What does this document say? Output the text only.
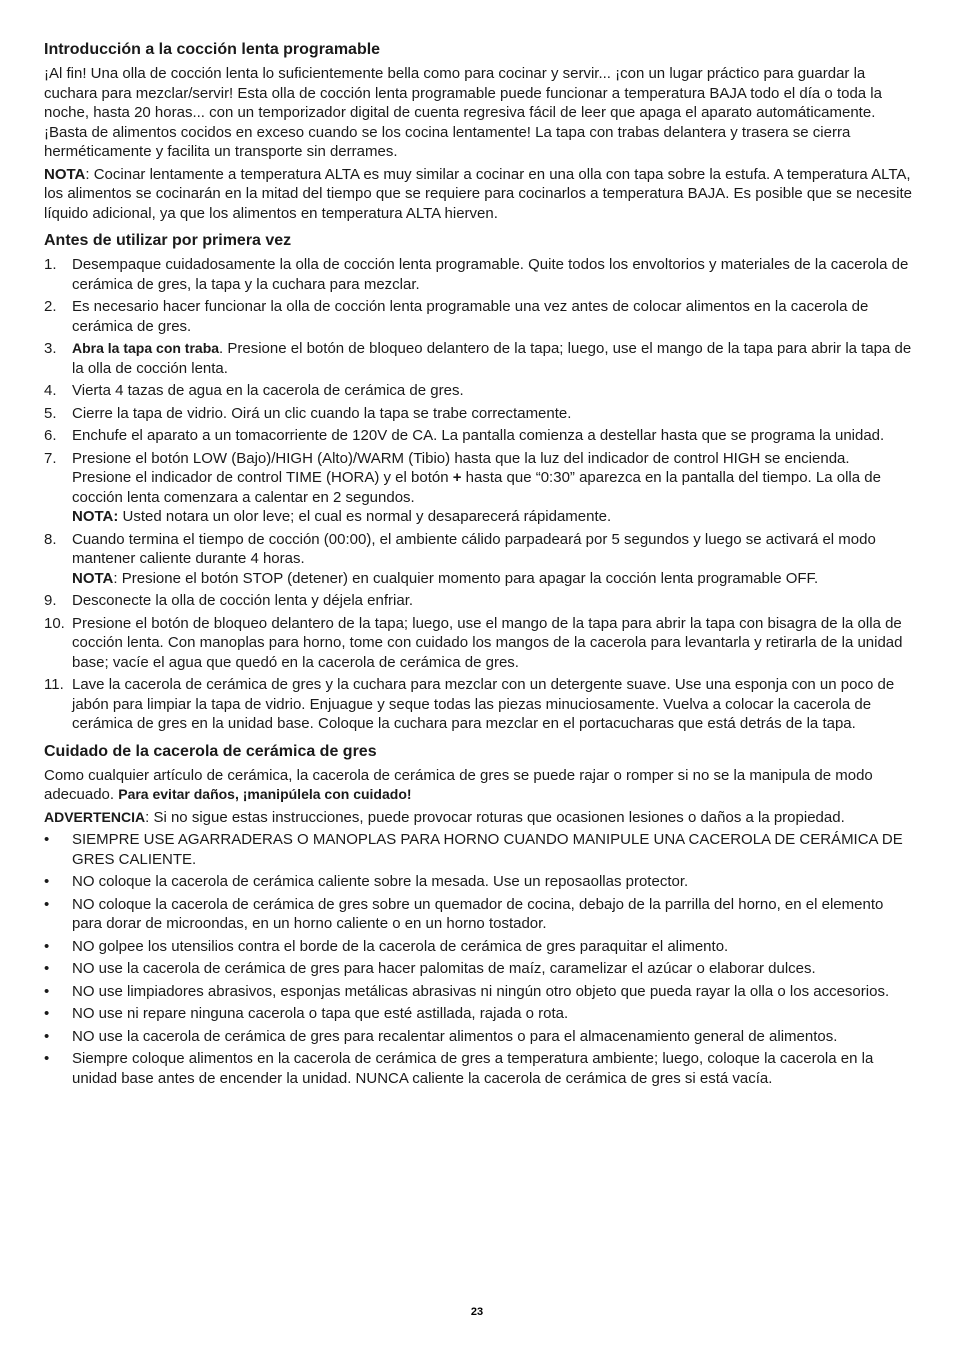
Introducción a la cocción lenta programable

¡Al fin! Una olla de cocción lenta lo suficientemente bella como para cocinar y servir... ¡con un lugar práctico para guardar la cuchara para mezclar/servir! Esta olla de cocción lenta programable puede funcionar a temperatura BAJA todo el día o toda la noche, hasta 20 horas... con un temporizador digital de cuenta regresiva fácil de leer que apaga el aparato automáticamente. ¡Basta de alimentos cocidos en exceso cuando se los cocina lentamente! La tapa con trabas delantera y trasera se cierra herméticamente y facilita un transporte sin derrames.

NOTA: Cocinar lentamente a temperatura ALTA es muy similar a cocinar en una olla con tapa sobre la estufa. A temperatura ALTA, los alimentos se cocinarán en la mitad del tiempo que se requiere para cocinarlos a temperatura BAJA. Es posible que se necesite líquido adicional, ya que los alimentos en temperatura ALTA hierven.

Antes de utilizar por primera vez
1. Desempaque cuidadosamente la olla de cocción lenta programable. Quite todos los envoltorios y materiales de la cacerola de cerámica de gres, la tapa y la cuchara para mezclar.
2. Es necesario hacer funcionar la olla de cocción lenta programable una vez antes de colocar alimentos en la cacerola de cerámica de gres.
3. Abra la tapa con traba. Presione el botón de bloqueo delantero de la tapa; luego, use el mango de la tapa para abrir la tapa de la olla de cocción lenta.
4. Vierta 4 tazas de agua en la cacerola de cerámica de gres.
5. Cierre la tapa de vidrio. Oirá un clic cuando la tapa se trabe correctamente.
6. Enchufe el aparato a un tomacorriente de 120V de CA. La pantalla comienza a destellar hasta que se programa la unidad.
7. Presione el botón LOW (Bajo)/HIGH (Alto)/WARM (Tibio) hasta que la luz del indicador de control HIGH se encienda. Presione el indicador de control TIME (HORA) y el botón + hasta que “0:30” aparezca en la pantalla del tiempo. La olla de cocción lenta comenzara a calentar en 2 segundos.
NOTA: Usted notara un olor leve; el cual es normal y desaparecerá rápidamente.
8. Cuando termina el tiempo de cocción (00:00), el ambiente cálido parpadeará por 5 segundos y luego se activará el modo mantener caliente durante 4 horas.
NOTA: Presione el botón STOP (detener) en cualquier momento para apagar la cocción lenta programable OFF.
9. Desconecte la olla de cocción lenta y déjela enfriar.
10. Presione el botón de bloqueo delantero de la tapa; luego, use el mango de la tapa para abrir la tapa con bisagra de la olla de cocción lenta. Con manoplas para horno, tome con cuidado los mangos de la cacerola para levantarla y retirarla de la unidad base; vacíe el agua que quedó en la cacerola de cerámica de gres.
11. Lave la cacerola de cerámica de gres y la cuchara para mezclar con un detergente suave. Use una esponja con un poco de jabón para limpiar la tapa de vidrio. Enjuague y seque todas las piezas minuciosamente. Vuelva a colocar la cacerola de cerámica de gres en la unidad base. Coloque la cuchara para mezclar en el portacucharas que está detrás de la tapa.
Cuidado de la cacerola de cerámica de gres

Como cualquier artículo de cerámica, la cacerola de cerámica de gres se puede rajar o romper si no se la manipula de modo adecuado. Para evitar daños, ¡manipúlela con cuidado!

ADVERTENCIA: Si no sigue estas instrucciones, puede provocar roturas que ocasionen lesiones o daños a la propiedad.

• SIEMPRE USE AGARRADERAS O MANOPLAS PARA HORNO CUANDO MANIPULE UNA CACEROLA DE CERÁMICA DE GRES CALIENTE.
• NO coloque la cacerola de cerámica caliente sobre la mesada. Use un reposaollas protector.
• NO coloque la cacerola de cerámica de gres sobre un quemador de cocina, debajo de la parrilla del horno, en el elemento para dorar de microondas, en un horno caliente o en un horno tostador.
• NO golpee los utensilios contra el borde de la cacerola de cerámica de gres paraquitar el alimento.
• NO use la cacerola de cerámica de gres para hacer palomitas de maíz, caramelizar el azúcar o elaborar dulces.
• NO use limpiadores abrasivos, esponjas metálicas abrasivas ni ningún otro objeto que pueda rayar la olla o los accesorios.
• NO use ni repare ninguna cacerola o tapa que esté astillada, rajada o rota.
• NO use la cacerola de cerámica de gres para recalentar alimentos o para el almacenamiento general de alimentos.
• Siempre coloque alimentos en la cacerola de cerámica de gres a temperatura ambiente; luego, coloque la cacerola en la unidad base antes de encender la unidad. NUNCA caliente la cacerola de cerámica de gres si está vacía.
23
